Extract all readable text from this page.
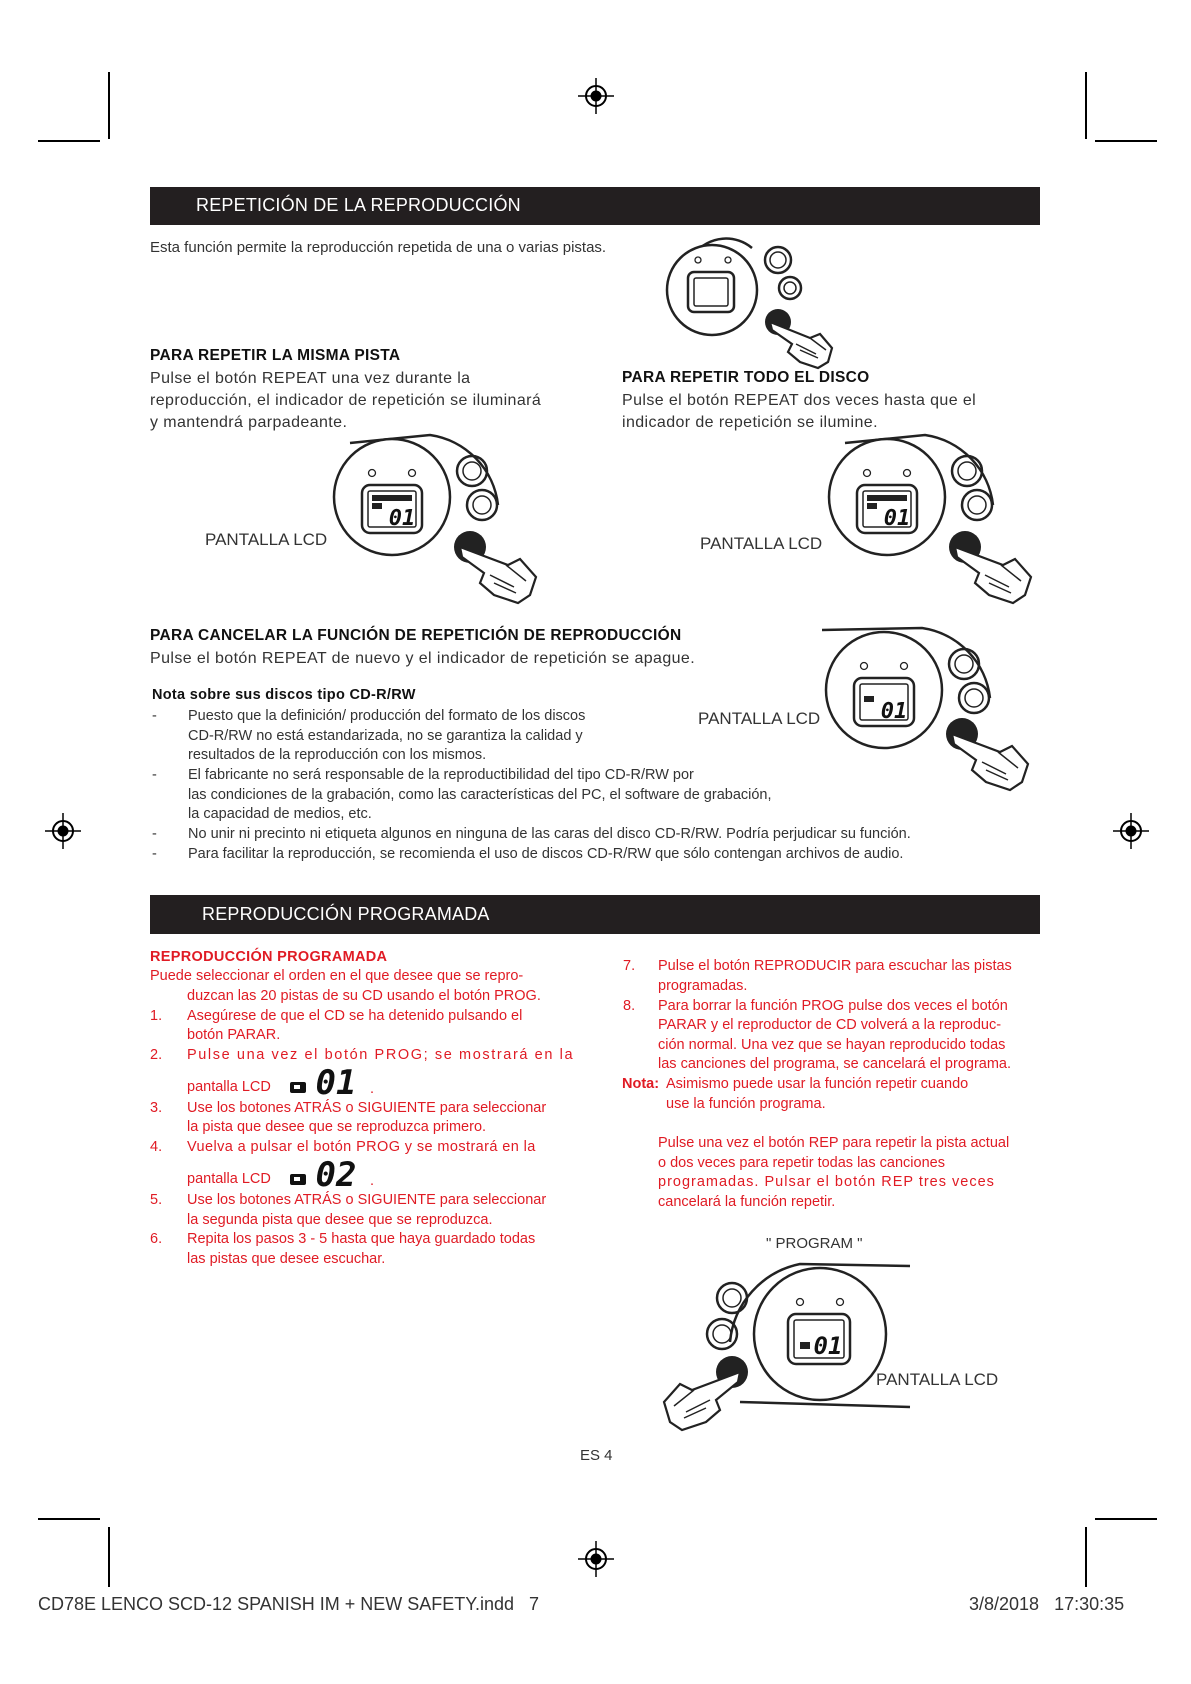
REPETICIÓN DE LA REPRODUCCIÓN
Esta función permite la reproducción repetida de una o varias pistas.
PARA REPETIR LA MISMA PISTA
Pulse el botón REPEAT una vez durante la
reproducción, el indicador de repetición se iluminará
y mantendrá parpadeante.
PARA REPETIR TODO EL DISCO
Pulse el botón REPEAT dos veces hasta que el
indicador de repetición se ilumine.
01
PANTALLA LCD
01
PANTALLA LCD
PARA CANCELAR LA FUNCIÓN DE REPETICIÓN DE REPRODUCCIÓN
Pulse el botón REPEAT de nuevo y el indicador de repetición se apague.
01
PANTALLA LCD
Nota sobre sus discos tipo CD-R/RW
- Puesto que la definición/ producción del formato de los discos
CD-R/RW no está estandarizada, no se garantiza la calidad y
resultados de la reproducción con los mismos.
- El fabricante no será responsable de la reproductibilidad del tipo CD-R/RW por
las condiciones de la grabación, como las características del PC, el software de grabación,
la capacidad de medios, etc.
- No unir ni precinto ni etiqueta algunos en ninguna de las caras del disco CD-R/RW. Podría perjudicar su función.
- Para facilitar la reproducción, se recomienda el uso de discos CD-R/RW que sólo contengan archivos de audio.
REPRODUCCIÓN PROGRAMADA
REPRODUCCIÓN PROGRAMADA
Puede seleccionar el orden en el que desee que se repro-
duzcan las 20 pistas de su CD usando el botón PROG.
1. Asegúrese de que el CD se ha detenido pulsando el
botón PARAR.
2. Pulse una vez el botón PROG; se mostrará en la
pantalla LCD 01 .
3. Use los botones ATRÁS o SIGUIENTE para seleccionar
la pista que desee que se reproduzca primero.
4. Vuelva a pulsar el botón PROG y se mostrará en la
pantalla LCD 02 .
5. Use los botones ATRÁS o SIGUIENTE para seleccionar
la segunda pista que desee que se reproduzca.
6. Repita los pasos 3 - 5 hasta que haya guardado todas
las pistas que desee escuchar.
7. Pulse el botón REPRODUCIR para escuchar las pistas
programadas.
8. Para borrar la función PROG pulse dos veces el botón
PARAR y el reproductor de CD volverá a la reproduc-
ción normal. Una vez que se hayan reproducido todas
las canciones del programa, se cancelará el programa.
Nota: Asimismo puede usar la función repetir cuando
use la función programa.
Pulse una vez el botón REP para repetir la pista actual
o dos veces para repetir todas las canciones
programadas. Pulsar el botón REP tres veces
cancelará la función repetir.
" PROGRAM "
01
PANTALLA LCD
ES 4
CD78E LENCO SCD-12 SPANISH IM + NEW SAFETY.indd   7	3/8/2018   17:30:35
